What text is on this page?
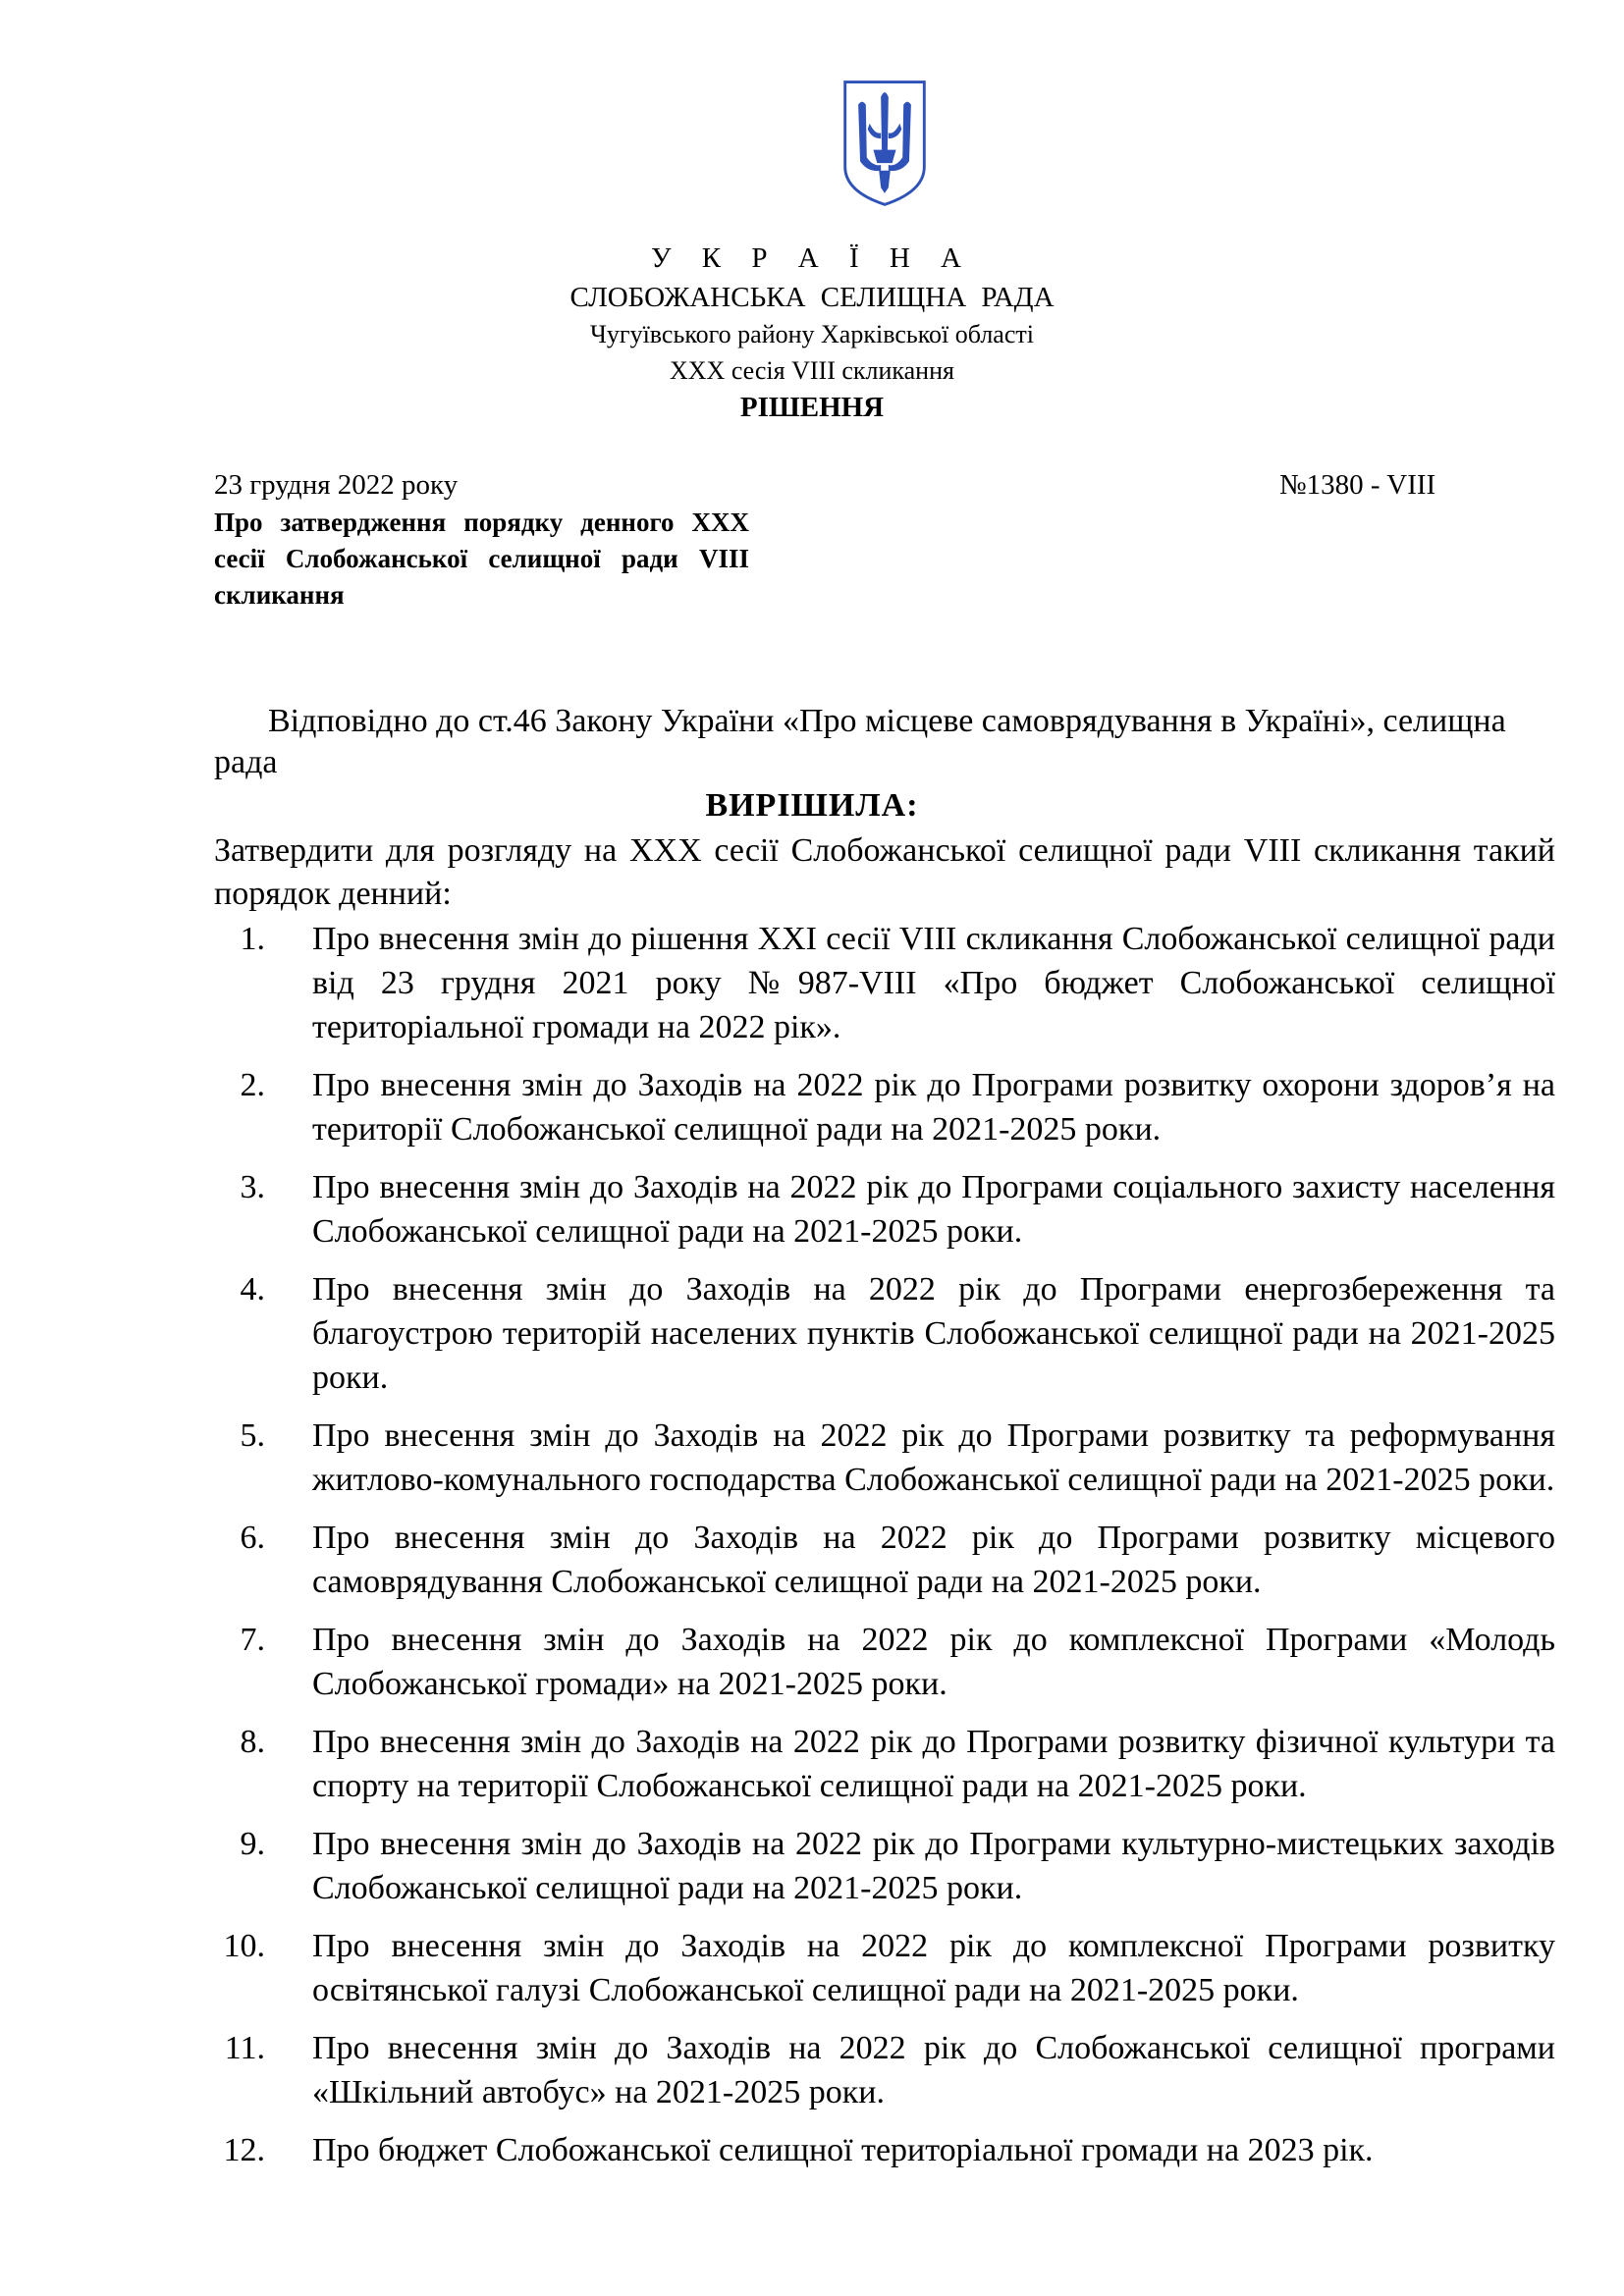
У К Р А Ї Н А
СЛОБОЖАНСЬКА СЕЛИЩНА РАДА
Чугуївського району Харківської області
ХХХ сесія VIІI скликання
РІШЕННЯ
23 грудня 2022 року	№1380 - VIII
Про затвердження порядку денного ХХХ сесії Слобожанської селищної ради VIІI скликання
Відповідно до ст.46 Закону України «Про місцеве самоврядування в Україні», селищна рада
ВИРІШИЛА:
Затвердити для розгляду на ХХХ сесії Слобожанської селищної ради VIII скликання такий порядок денний:
1. Про внесення змін до рішення ХХІ сесії VIII скликання Слобожанської селищної ради від 23 грудня 2021 року №987-VIII «Про бюджет Слобожанської селищної територіальної громади на 2022 рік».
2. Про внесення змін до Заходів на 2022 рік до Програми розвитку охорони здоров’я на території Слобожанської селищної ради на 2021-2025 роки.
3. Про внесення змін до Заходів на 2022 рік до Програми соціального захисту населення Слобожанської селищної ради на 2021-2025 роки.
4. Про внесення змін до Заходів на 2022 рік до Програми енергозбереження та благоустрою територій населених пунктів Слобожанської селищної ради на 2021-2025 роки.
5. Про внесення змін до Заходів на 2022 рік до Програми розвитку та реформування житлово-комунального господарства Слобожанської селищної ради на 2021-2025 роки.
6. Про внесення змін до Заходів на 2022 рік до Програми розвитку місцевого самоврядування Слобожанської селищної ради на 2021-2025 роки.
7. Про внесення змін до Заходів на 2022 рік до комплексної Програми «Молодь Слобожанської громади» на 2021-2025 роки.
8. Про внесення змін до Заходів на 2022 рік до Програми розвитку фізичної культури та спорту на території Слобожанської селищної ради на 2021-2025 роки.
9. Про внесення змін до Заходів на 2022 рік до Програми культурно-мистецьких заходів Слобожанської селищної ради на 2021-2025 роки.
10. Про внесення змін до Заходів на 2022 рік до комплексної Програми розвитку освітянської галузі Слобожанської селищної ради на 2021-2025 роки.
11. Про внесення змін до Заходів на 2022 рік до Слобожанської селищної програми «Шкільний автобус» на 2021-2025 роки.
12. Про бюджет Слобожанської селищної територіальної громади на 2023 рік.
